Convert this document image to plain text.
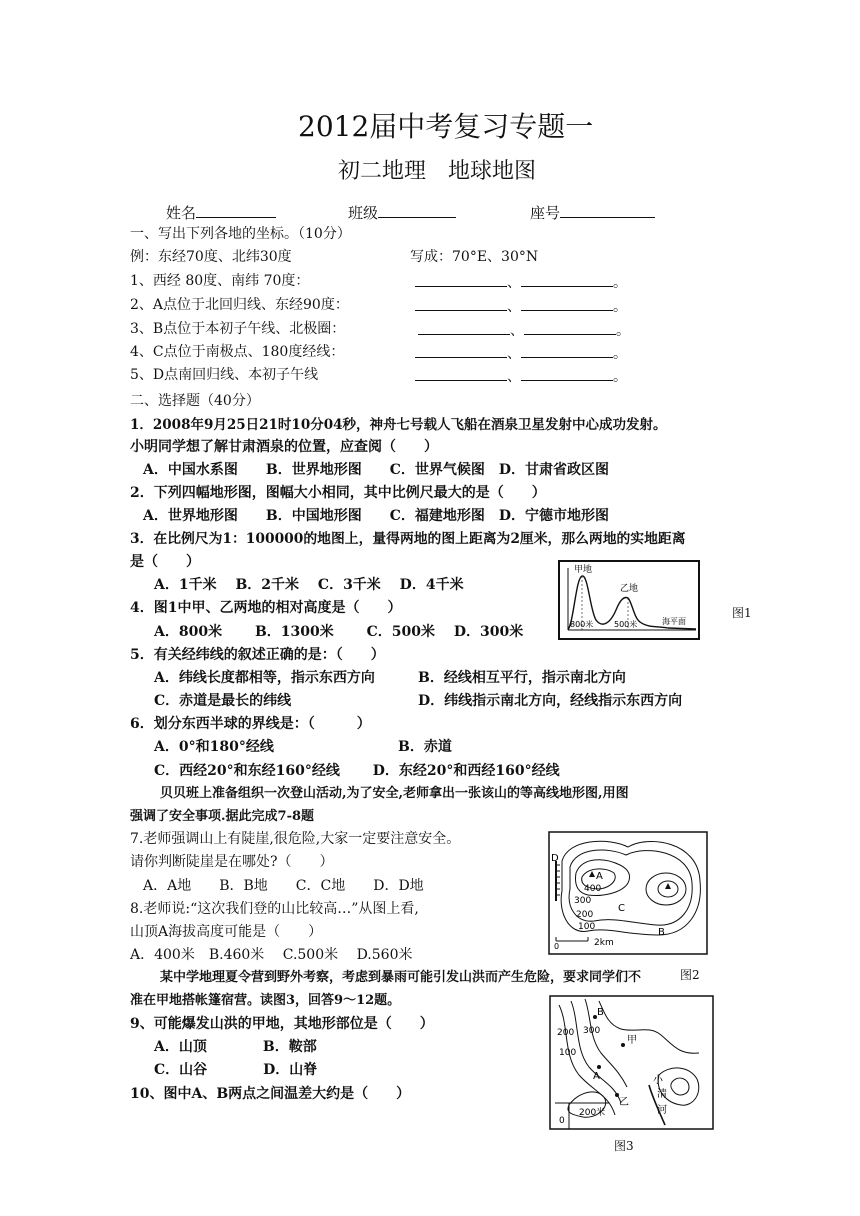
2012届中考复习专题一
初二地理　地球地图
姓名	班级	座号
一、写出下列各地的坐标。（10分）
例：东经70度、北纬30度	写成：70°E、30°N
1、西经 80度、南纬 70度：	、	。
2、A点位于北回归线、东经90度：	、	。
3、B点位于本初子午线、北极圈：	、	。
4、C点位于南极点、180度经线：	、	。
5、D点南回归线、本初子午线	、	。
二、选择题（40分）
1．2008年9月25日21时10分04秒，神舟七号载人飞船在酒泉卫星发射中心成功发射。
小明同学想了解甘肃酒泉的位置，应查阅（　　）
A．中国水系图　　B．世界地形图　　C．世界气候图　D．甘肃省政区图
2．下列四幅地形图，图幅大小相同，其中比例尺最大的是（　　）
A．世界地形图　　B．中国地形图　　C．福建地形图　D．宁德市地形图
3．在比例尺为1：100000的地图上，量得两地的图上距离为2厘米，那么两地的实地距离
是（　　）
A．1千米　 B．2千米　 C．3千米　 D．4千米
4．图1中甲、乙两地的相对高度是（　　）
A．800米　　 B．1300米　　 C．500米　 D．300米
5．有关经纬线的叙述正确的是：（　　）
A．纬线长度都相等，指示东西方向	B．经线相互平行，指示南北方向
C．赤道是最长的纬线	D．纬线指示南北方向，经线指示东西方向
6．划分东西半球的界线是：（　　　）
A．0°和180°经线	B．赤道
C．西经20°和东经160°经线　　 D．东经20°和西经160°经线
贝贝班上准备组织一次登山活动,为了安全,老师拿出一张该山的等高线地形图,用图
强调了安全事项.据此完成7-8题
7.老师强调山上有陡崖,很危险,大家一定要注意安全。
请你判断陡崖是在哪处?（　　）
A．A地　　B．B地　　C．C地　　D．D地
8.老师说:“这次我们登的山比较高…”从图上看,
山顶A海拔高度可能是（　　）
A．400米　B.460米　 C.500米　 D.560米
某中学地理夏令营到野外考察，考虑到暴雨可能引发山洪而产生危险，要求同学们不
准在甲地搭帐篷宿营。读图3，回答9～12题。
9、可能爆发山洪的甲地，其地形部位是（　　）
A．山顶　　　　B．鞍部
C．山谷　　　　D．山脊
10、图中A、B两点之间温差大约是（　　）
甲地
乙地
800米	500米	海平面
图1
A
B
C
D
400
300
200
100
0	2km
图2
B
甲
300
200
100
A
乙
小
清
河
0
200米
图3
